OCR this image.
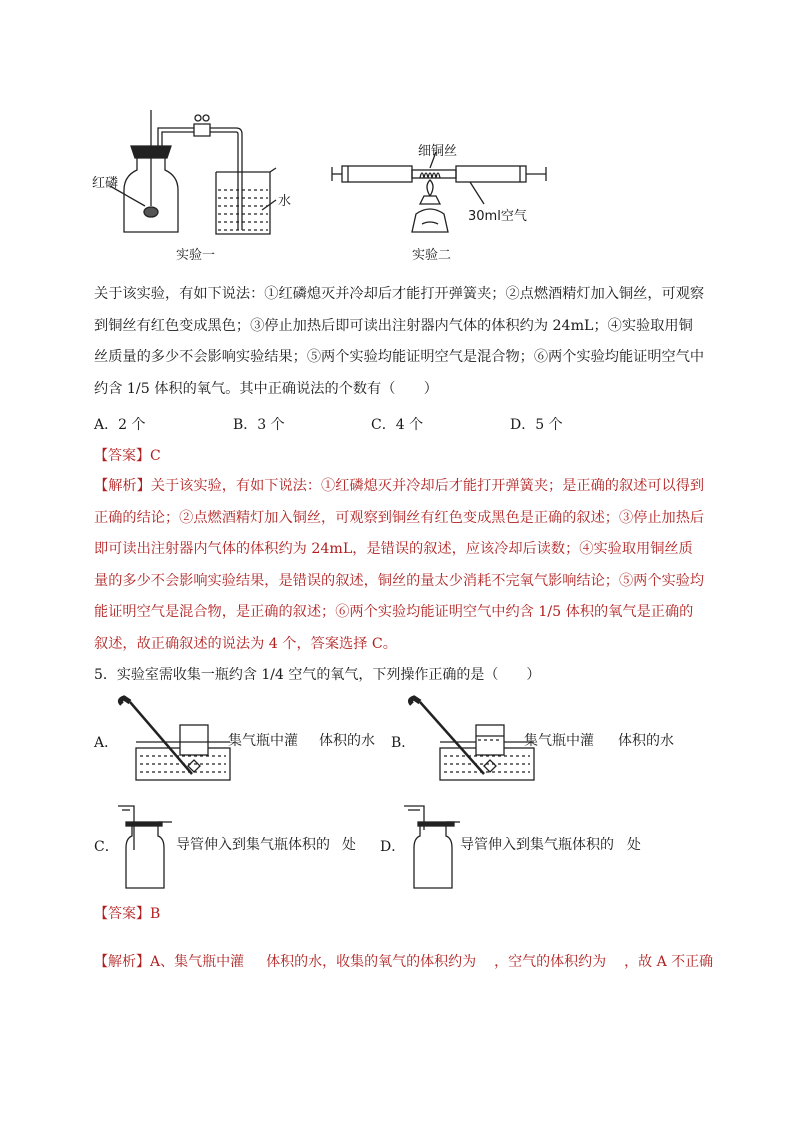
红磷
水
实验一
细铜丝
30ml空气
实验二
关于该实验，有如下说法：①红磷熄灭并冷却后才能打开弹簧夹；②点燃酒精灯加入铜丝，可观察到铜丝有红色变成黑色；③停止加热后即可读出注射器内气体的体积约为 24mL；④实验取用铜丝质量的多少不会影响实验结果；⑤两个实验均能证明空气是混合物；⑥两个实验均能证明空气中约含 1/5 体积的氧气。其中正确说法的个数有（　　）
A．2 个	B．3 个	C．4 个	D．5 个
【答案】C
【解析】关于该实验，有如下说法：①红磷熄灭并冷却后才能打开弹簧夹；是正确的叙述可以得到正确的结论；②点燃酒精灯加入铜丝，可观察到铜丝有红色变成黑色是正确的叙述；③停止加热后即可读出注射器内气体的体积约为 24mL，是错误的叙述，应该冷却后读数；④实验取用铜丝质量的多少不会影响实验结果，是错误的叙述，铜丝的量太少消耗不完氧气影响结论；⑤两个实验均能证明空气是混合物，是正确的叙述；⑥两个实验均能证明空气中约含 1/5 体积的氧气是正确的叙述，故正确叙述的说法为 4 个，答案选择 C。
5．实验室需收集一瓶约含 1/4 空气的氧气，下列操作正确的是（　　）
A．	集气瓶中灌 体积的水 B．	集气瓶中灌 体积的水
C．	导管伸入到集气瓶体积的 处 D．	导管伸入到集气瓶体积的 处
【答案】B
【解析】A、集气瓶中灌 体积的水，收集的氧气的体积约为 ，空气的体积约为 ，故 A 不正确
